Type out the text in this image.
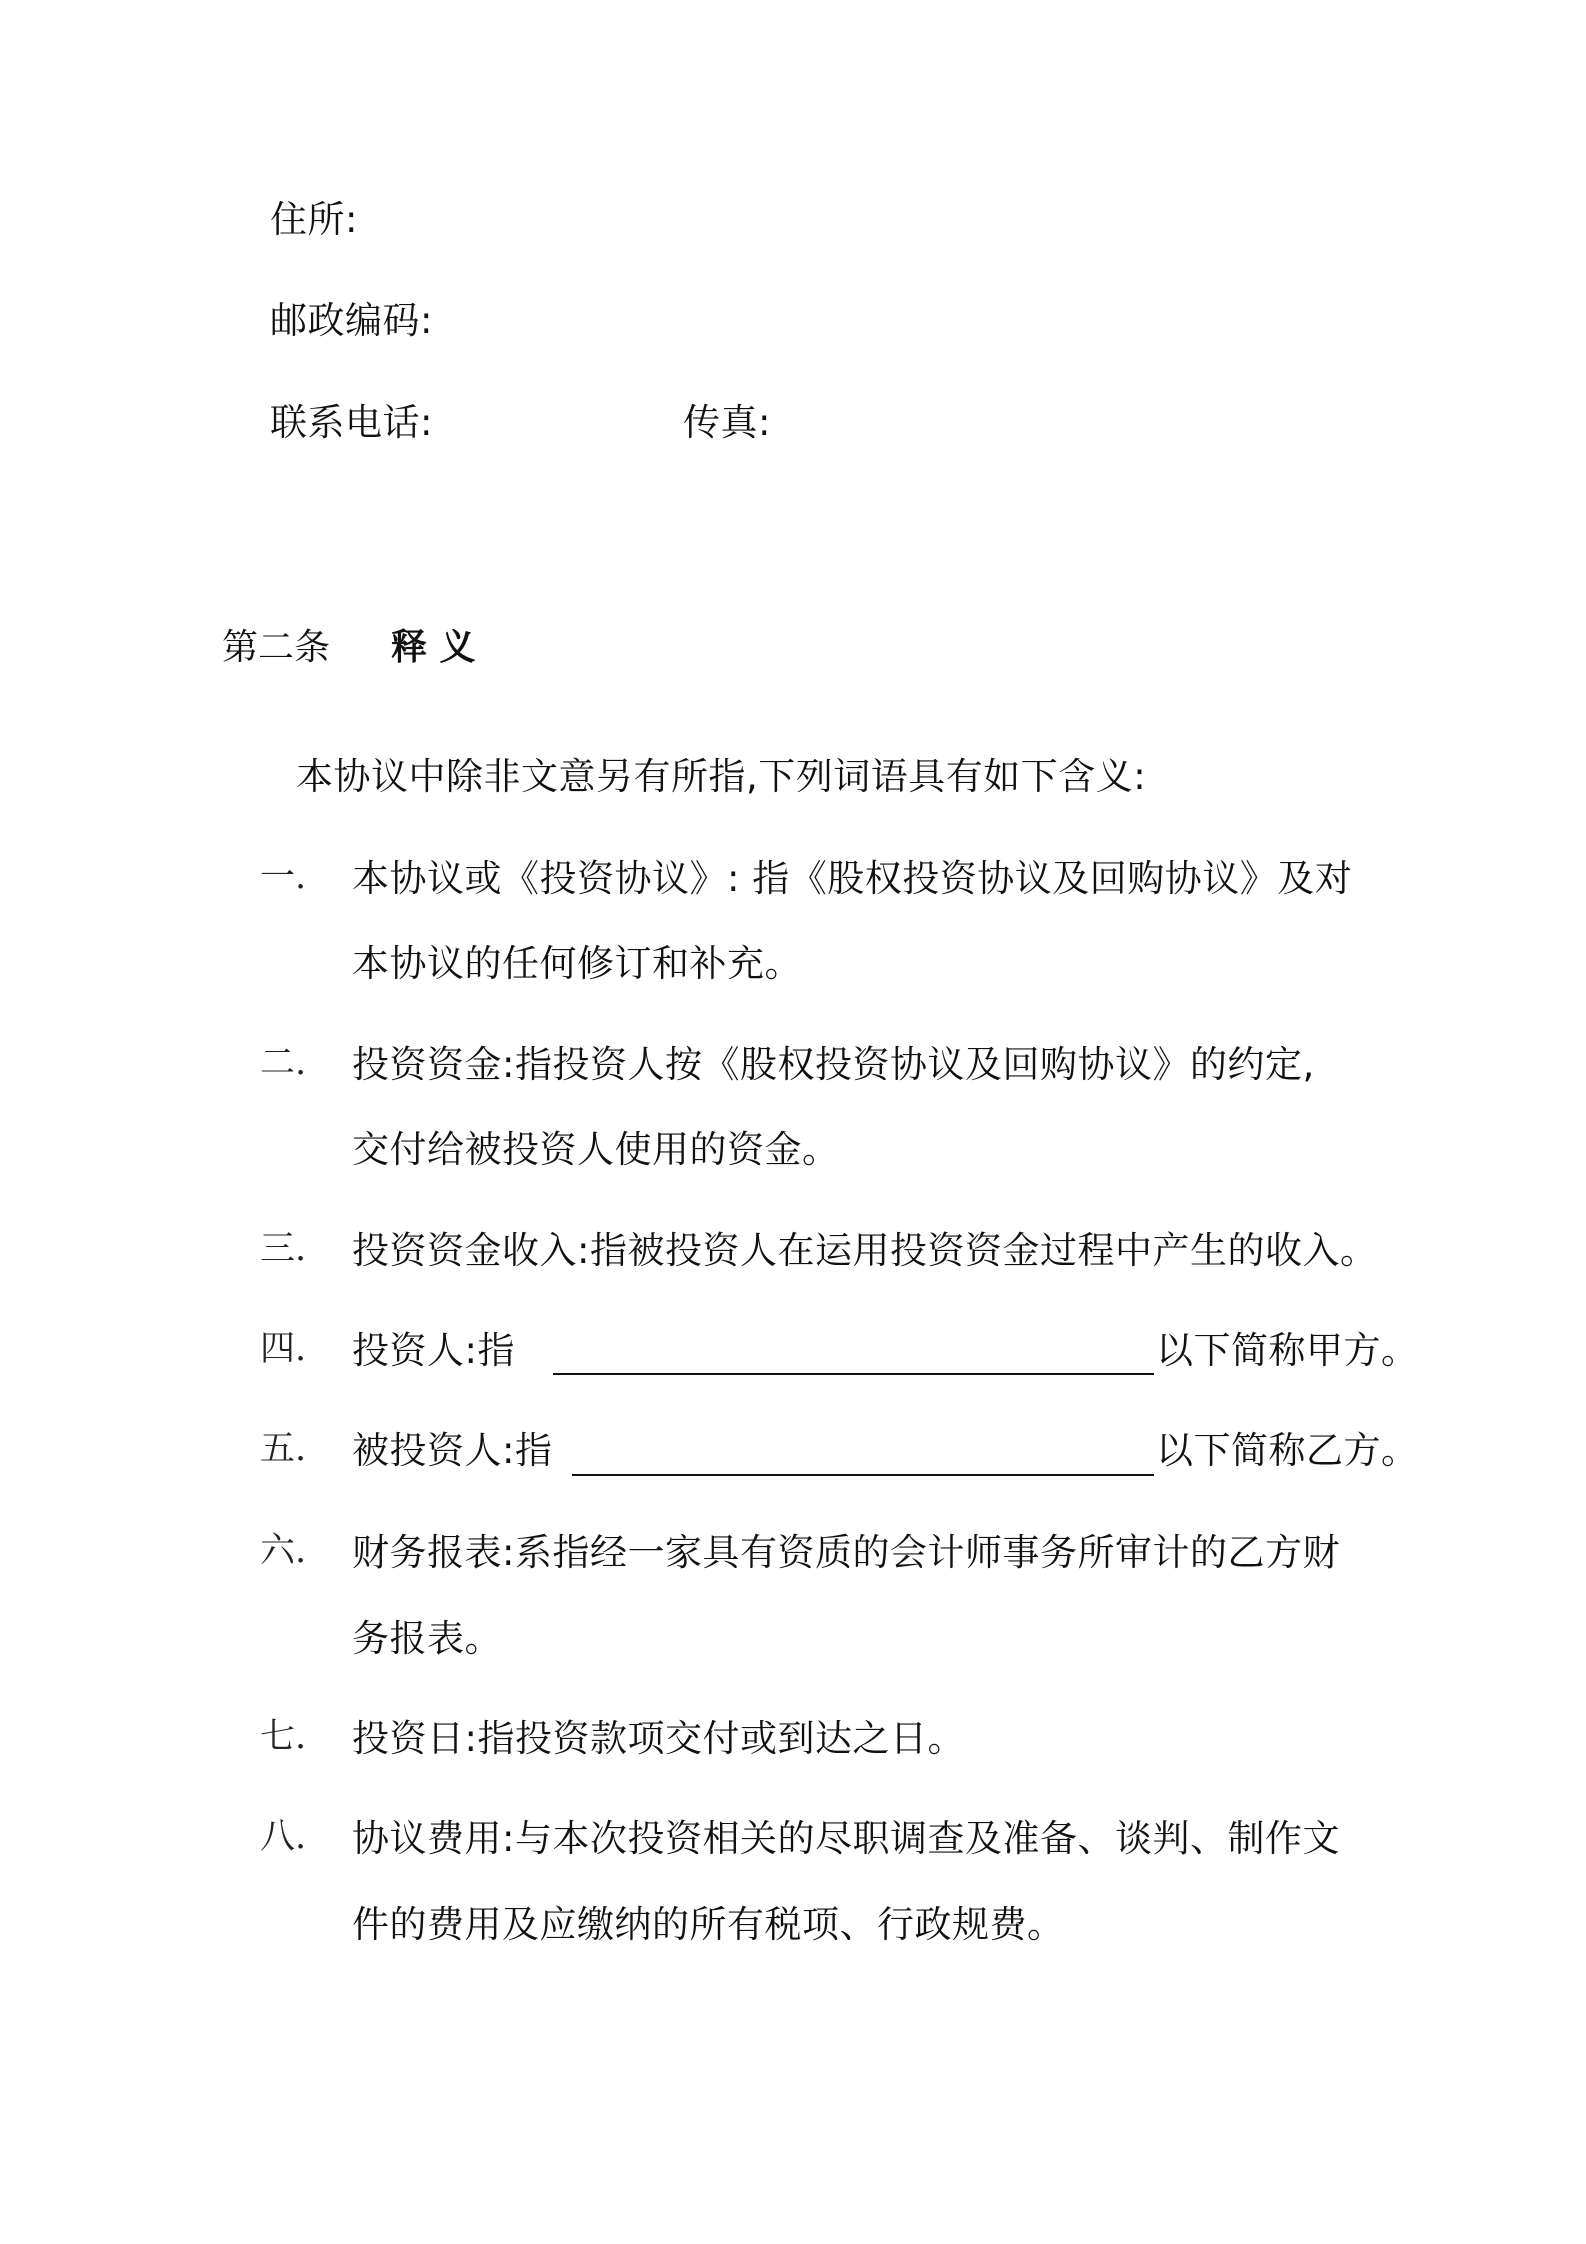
住所:
邮政编码:
联系电话:	传真:
第二条 释 义
本协议中除非文意另有所指,下列词语具有如下含义:
一. 本协议或《投资协议》: 指《股权投资协议及回购协议》及对
本协议的任何修订和补充。
二. 投资资金:指投资人按《股权投资协议及回购协议》的约定,
交付给被投资人使用的资金。
三. 投资资金收入:指被投资人在运用投资资金过程中产生的收入。
四. 投资人:指	以下简称甲方。
五. 被投资人:指	以下简称乙方。
六. 财务报表:系指经一家具有资质的会计师事务所审计的乙方财
务报表。
七. 投资日:指投资款项交付或到达之日。
八. 协议费用:与本次投资相关的尽职调查及准备、谈判、制作文
件的费用及应缴纳的所有税项、行政规费。
